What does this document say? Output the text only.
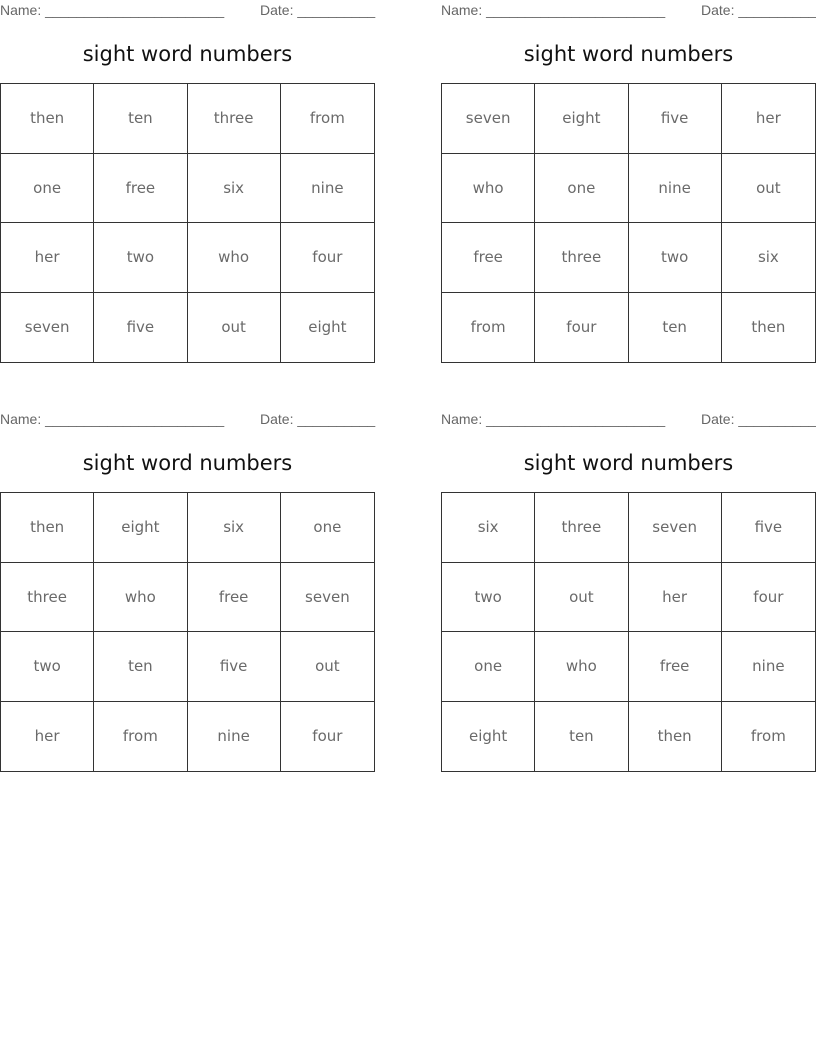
Name: _______________________	Date: __________
sight word numbers
then	ten	three	from
one	free	six	nine
her	two	who	four
seven	five	out	eight
Name: _______________________	Date: __________
sight word numbers
seven	eight	five	her
who	one	nine	out
free	three	two	six
from	four	ten	then
Name: _______________________	Date: __________
sight word numbers
then	eight	six	one
three	who	free	seven
two	ten	five	out
her	from	nine	four
Name: _______________________	Date: __________
sight word numbers
six	three	seven	five
two	out	her	four
one	who	free	nine
eight	ten	then	from
